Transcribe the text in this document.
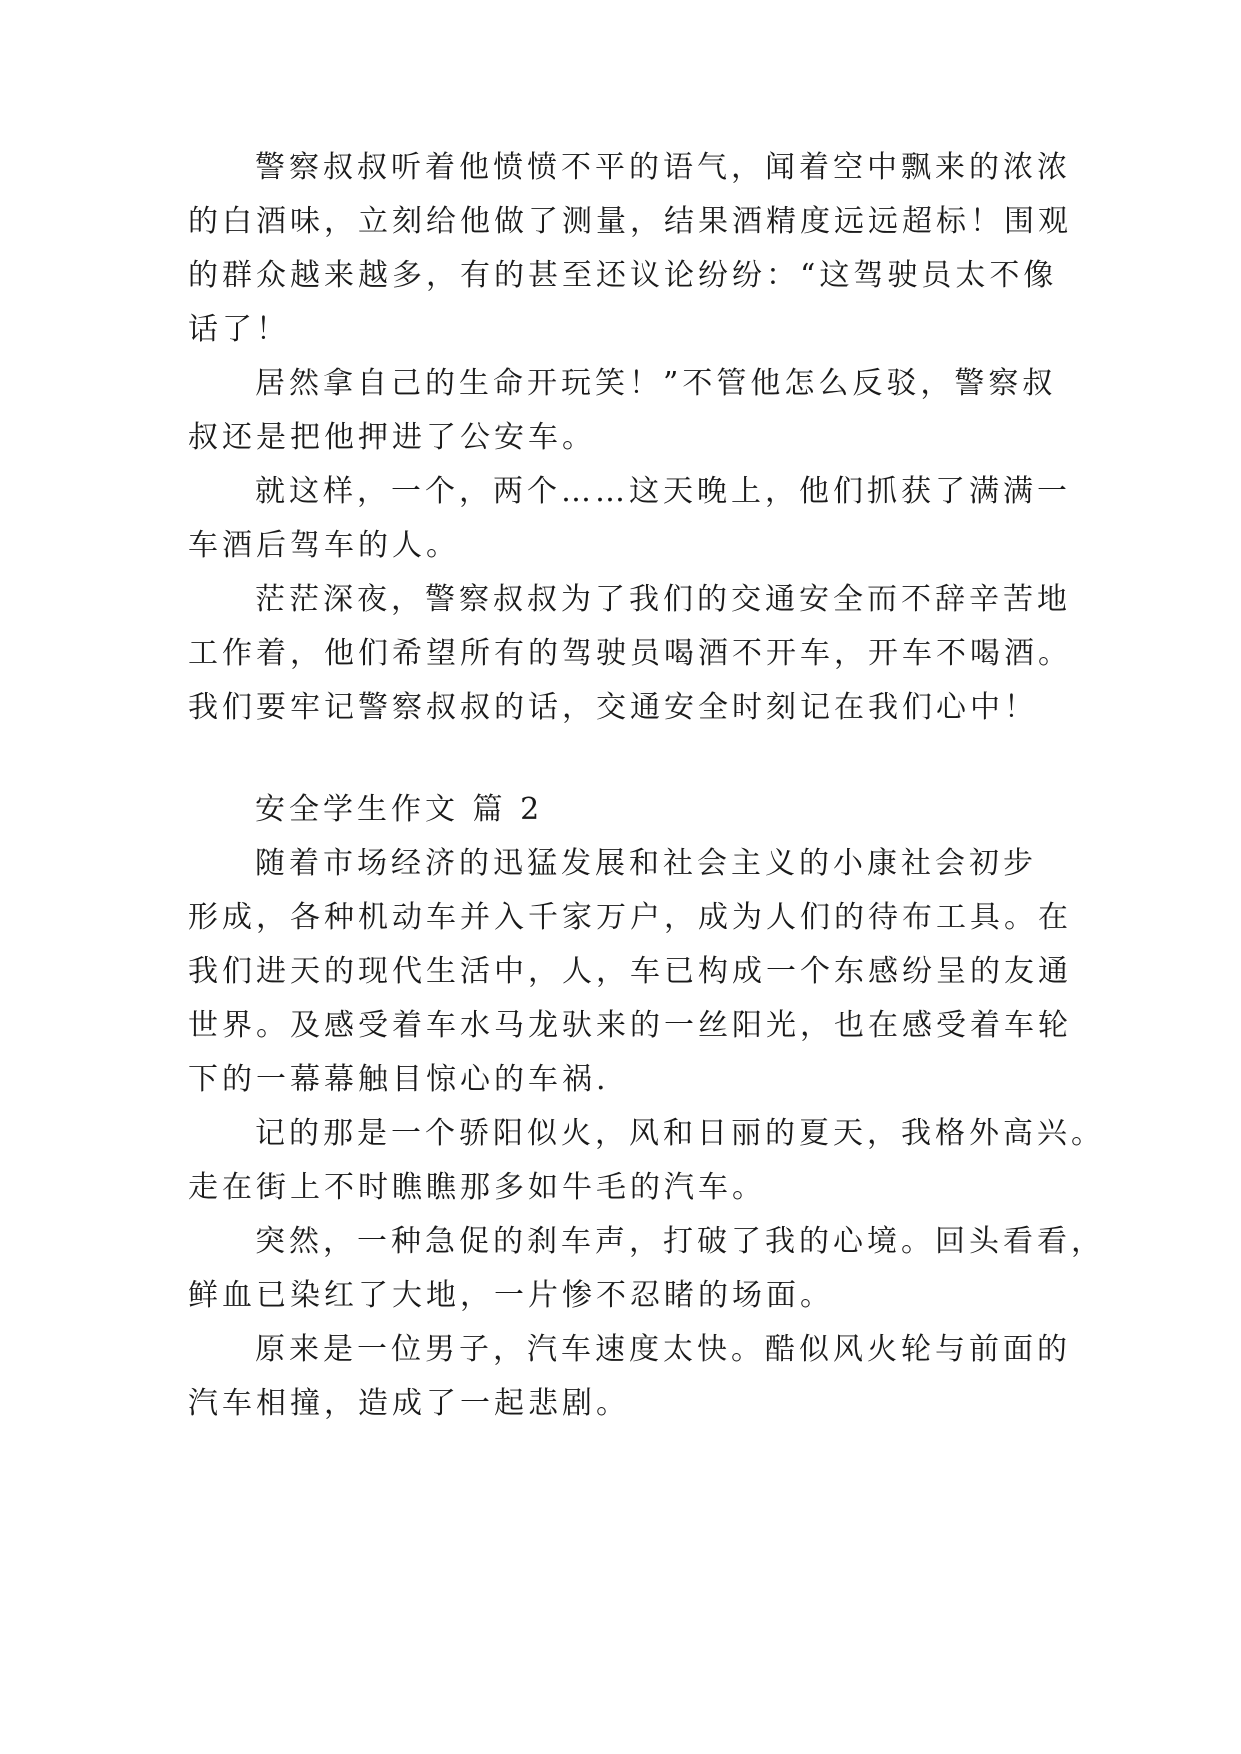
警察叔叔听着他愤愤不平的语气，闻着空中飘来的浓浓
的白酒味，立刻给他做了测量，结果酒精度远远超标！围观
的群众越来越多，有的甚至还议论纷纷：“这驾驶员太不像
话了！
居然拿自己的生命开玩笑！”不管他怎么反驳，警察叔
叔还是把他押进了公安车。
就这样，一个，两个……这天晚上，他们抓获了满满一
车酒后驾车的人。
茫茫深夜，警察叔叔为了我们的交通安全而不辞辛苦地
工作着，他们希望所有的驾驶员喝酒不开车，开车不喝酒。
我们要牢记警察叔叔的话，交通安全时刻记在我们心中！
安全学生作文 篇 2
随着市场经济的迅猛发展和社会主义的小康社会初步
形成，各种机动车并入千家万户，成为人们的待布工具。在
我们进天的现代生活中，人，车已构成一个东感纷呈的友通
世界。及感受着车水马龙驮来的一丝阳光，也在感受着车轮
下的一幕幕触目惊心的车祸.
记的那是一个骄阳似火，风和日丽的夏天，我格外高兴。
走在街上不时瞧瞧那多如牛毛的汽车。
突然，一种急促的刹车声，打破了我的心境。回头看看，
鲜血已染红了大地，一片惨不忍睹的场面。
原来是一位男子，汽车速度太快。酷似风火轮与前面的
汽车相撞，造成了一起悲剧。
